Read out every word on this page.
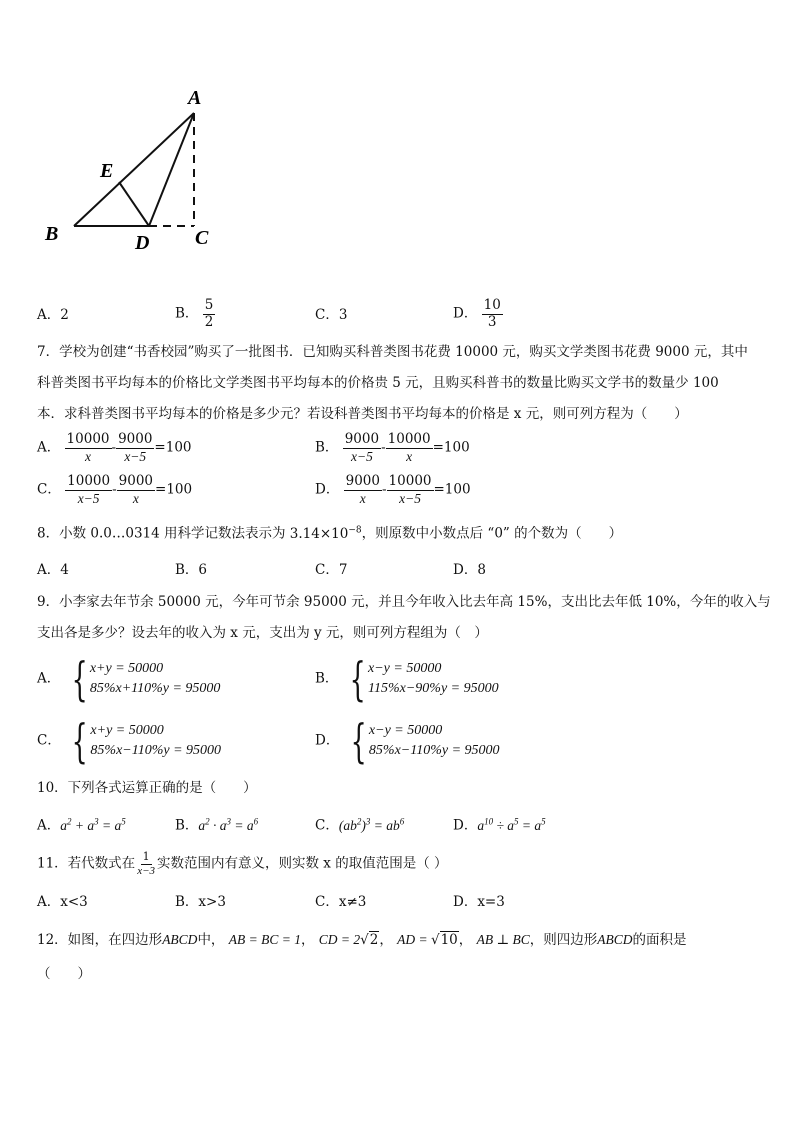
A
E
B	D C
A．2	B． $\frac{5}{2}$	C．3	D． $\frac{10}{3}$
7．学校为创建“书香校园”购买了一批图书．已知购买科普类图书花费 10000 元，购买文学类图书花费 9000 元，其中
科普类图书平均每本的价格比文学类图书平均每本的价格贵 5 元，且购买科普书的数量比购买文学书的数量少 100
本．求科普类图书平均每本的价格是多少元？若设科普类图书平均每本的价格是 x 元，则可列方程为（　　）
A． $\frac{10000}{x} - \frac{9000}{x-5} =100$	B． $\frac{9000}{x-5} - \frac{10000}{x} =100$
C． $\frac{10000}{x-5} - \frac{9000}{x} =100$	D． $\frac{9000}{x} - \frac{10000}{x-5} =100$
8．小数 0.0…0314 用科学记数法表示为 $3.14\times 10^{-8}$，则原数中小数点后 “0” 的个数为（　　）
A．4	B．6	C．7	D．8
9．小李家去年节余 50000 元，今年可节余 95000 元，并且今年收入比去年高 15%，支出比去年低 10%，今年的收入与
支出各是多少？设去年的收入为 x 元，支出为 y 元，则可列方程组为（　）
A． { x+y = 50000
85%x+110%y = 95000
B． { x−y = 50000
115%x−90%y = 95000
C． { x+y = 50000
85%x−110%y = 95000
D． { x−y = 50000
85%x−110%y = 95000
10．下列各式运算正确的是（　　）
A．$a^2 + a^3 = a^5$	B．$a^2 \cdot a^3 = a^6$	C．$(ab^2)^3 = ab^6$	D．$a^{10} \div a^5 = a^5$
11．若代数式在 $\frac{1}{x-3}$ 实数范围内有意义，则实数 x 的取值范围是（ ）
A．x<3	B．x>3	C．x≠3	D．x=3
12．如图，在四边形ABCD中， AB = BC = 1， CD = 2√2， AD = √10， AB ⊥ BC，则四边形ABCD的面积是
（　　）
